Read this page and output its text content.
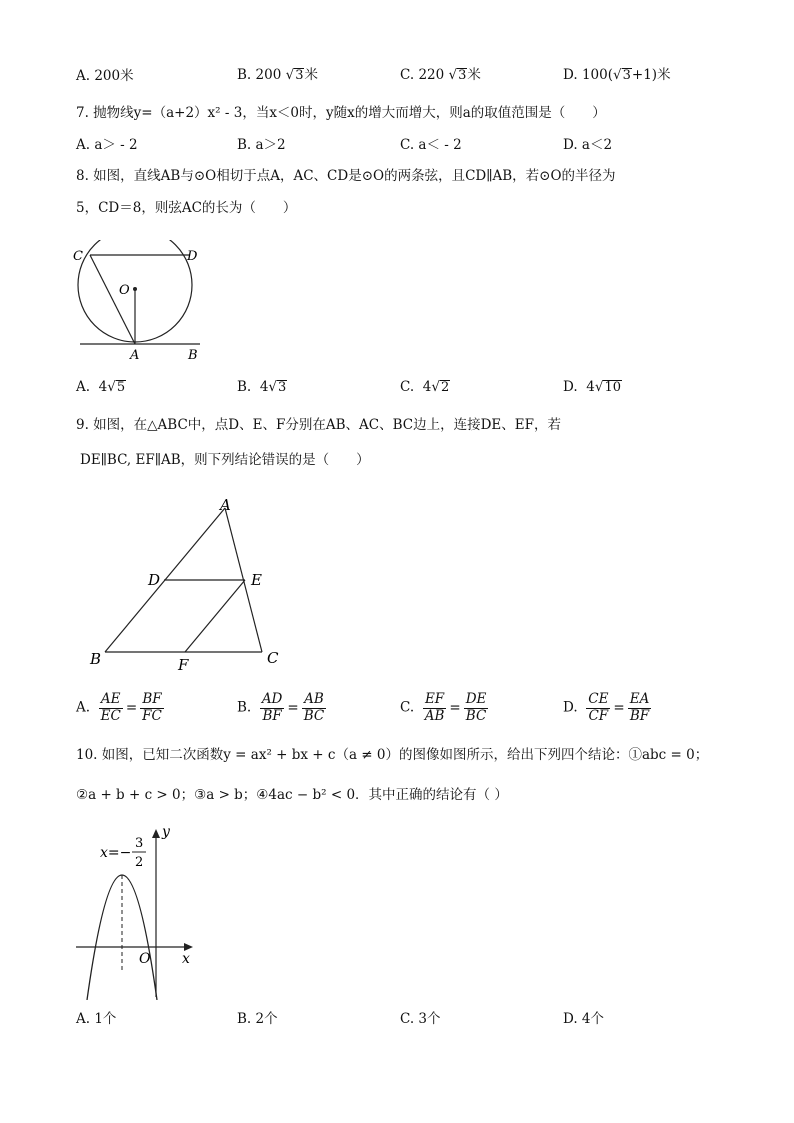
A. 200米	B. 200 √3米	C. 220 √3米	D. 100(√3+1)米
7. 抛物线y=（a+2）x² - 3，当x＜0时，y随x的增大而增大，则a的取值范围是（　　）
A. a＞ - 2	B. a＞2	C. a＜ - 2	D. a＜2
8. 如图，直线AB与⊙O相切于点A，AC、CD是⊙O的两条弦，且CD∥AB，若⊙O的半径为
5，CD＝8，则弦AC的长为（　　）
C	D
O
A	B
A. 4√5	B. 4√3	C. 4√2	D. 4√10
9. 如图，在△ABC中，点D、E、F分别在AB、AC、BC边上，连接DE、EF，若
DE∥BC, EF∥AB，则下列结论错误的是（　　）
A
B	C
D	E
F
A. $\frac{AE}{EC} = \frac{BF}{FC}$	B. $\frac{AD}{BF} = \frac{AB}{BC}$	C. $\frac{EF}{AB} = \frac{DE}{BC}$	D. $\frac{CE}{CF} = \frac{EA}{BF}$
10. 如图，已知二次函数y = ax² + bx + c（a ≠ 0）的图像如图所示，给出下列四个结论：①abc = 0；
②a + b + c > 0；③a > b；④4ac − b² < 0．其中正确的结论有（ ）
x=−
3
2
y
x
O
A. 1个	B. 2个	C. 3个	D. 4个
